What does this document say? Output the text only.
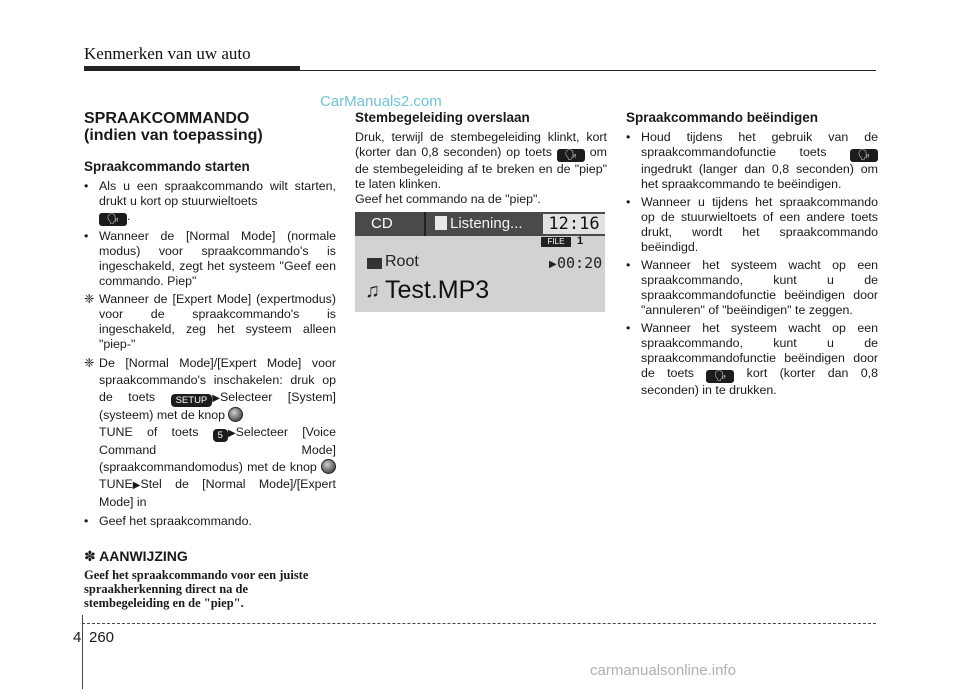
Kenmerken van uw auto
CarManuals2.com
SPRAAKCOMMANDO
(indien van toepassing)
Spraakcommando starten
• Als u een spraakcommando wilt starten, drukt u kort op stuurwieltoets
🗣︎ .
• Wanneer de [Normal Mode] (normale modus) voor spraakcommando's is ingeschakeld, zegt het systeem "Geef een commando. Piep"
❈ Wanneer de [Expert Mode] (expertmodus) voor de spraakcommando's is ingeschakeld, zeg het systeem alleen "piep-"
❈ De [Normal Mode]/[Expert Mode] voor spraakcommando's inschakelen: druk op de toets SETUP ▶Selecteer [System] (systeem) met de knop
TUNE of toets 5 ▶Selecteer [Voice Command Mode] (spraakcommandomodus) met de knop  TUNE▶Stel de [Normal Mode]/[Expert Mode] in
• Geef het spraakcommando.
✽ AANWIJZING
Geef het spraakcommando voor een juiste spraakherkenning direct na de stembegeleiding en de "piep".
Stembegeleiding overslaan

Druk, terwijl de stembegeleiding klinkt, kort (korter dan 0,8 seconden) op toets 🗣︎ om de stembegeleiding af te breken en de "piep" te laten klinken.

Geef het commando na de "piep".

CD	Listening...	12:16
FILE	1
Root	▶ 00:20
♫ Test.MP3
Spraakcommando beëindigen
• Houd tijdens het gebruik van de spraakcommandofunctie toets	🗣︎ ingedrukt (langer dan 0,8 seconden) om het spraakcommando te beëindigen.
• Wanneer u tijdens het spraakcommando op de stuurwieltoets of een andere toets drukt, wordt het spraakcommando beëindigd.
• Wanneer het systeem wacht op een spraakcommando, kunt u de spraakcommandofunctie beëindigen door "annuleren" of "beëindigen" te zeggen.
• Wanneer het systeem wacht op een spraakcommando, kunt u de spraakcommandofunctie beëindigen door de toets 🗣︎ kort (korter dan 0,8 seconden) in te drukken.
4 260
carmanualsonline.info
